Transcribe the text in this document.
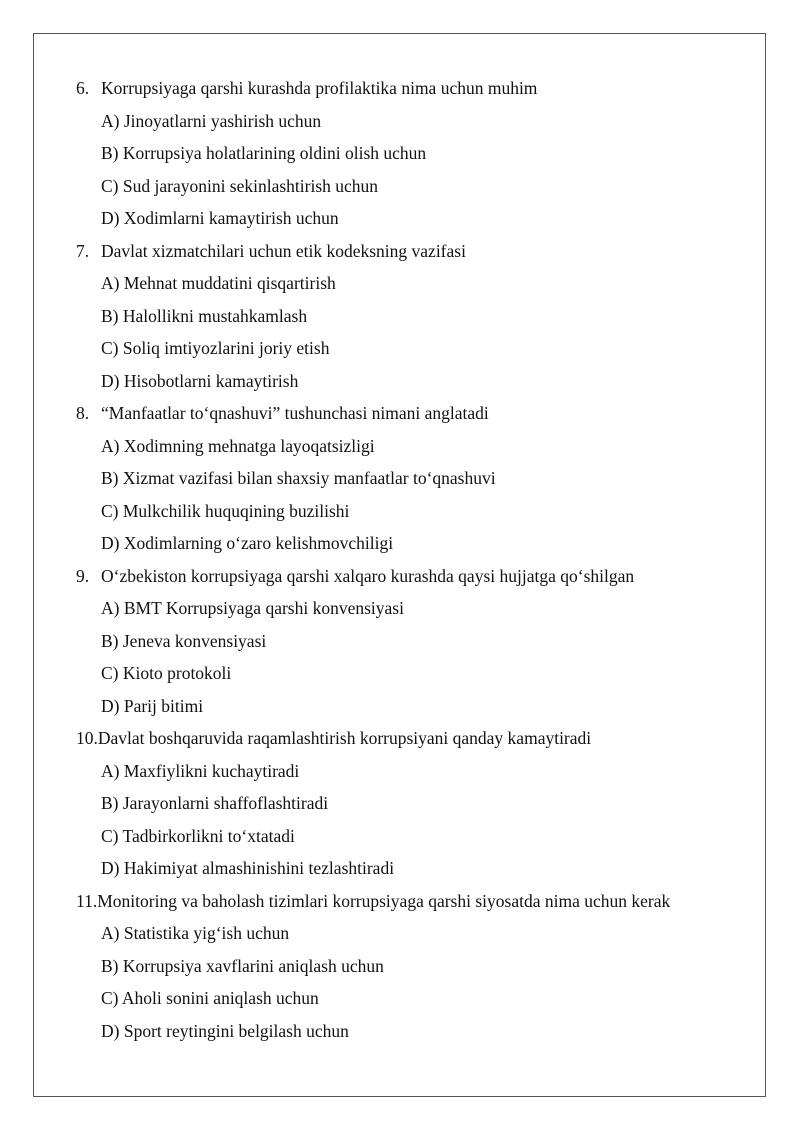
6. Korrupsiyaga qarshi kurashda profilaktika nima uchun muhim
A) Jinoyatlarni yashirish uchun
B) Korrupsiya holatlarining oldini olish uchun
C) Sud jarayonini sekinlashtirish uchun
D) Xodimlarni kamaytirish uchun
7. Davlat xizmatchilari uchun etik kodeksning vazifasi
A) Mehnat muddatini qisqartirish
B) Halollikni mustahkamlash
C) Soliq imtiyozlarini joriy etish
D) Hisobotlarni kamaytirish
8. “Manfaatlar to‘qnashuvi” tushunchasi nimani anglatadi
A) Xodimning mehnatga layoqatsizligi
B) Xizmat vazifasi bilan shaxsiy manfaatlar to‘qnashuvi
C) Mulkchilik huquqining buzilishi
D) Xodimlarning o‘zaro kelishmovchiligi
9. O‘zbekiston korrupsiyaga qarshi xalqaro kurashda qaysi hujjatga qo‘shilgan
A) BMT Korrupsiyaga qarshi konvensiyasi
B) Jeneva konvensiyasi
C) Kioto protokoli
D) Parij bitimi
10.Davlat boshqaruvida raqamlashtirish korrupsiyani qanday kamaytiradi
A) Maxfiylikni kuchaytiradi
B) Jarayonlarni shaffoflashtiradi
C) Tadbirkorlikni to‘xtatadi
D) Hakimiyat almashinishini tezlashtiradi
11.Monitoring va baholash tizimlari korrupsiyaga qarshi siyosatda nima uchun kerak
A) Statistika yig‘ish uchun
B) Korrupsiya xavflarini aniqlash uchun
C) Aholi sonini aniqlash uchun
D) Sport reytingini belgilash uchun
